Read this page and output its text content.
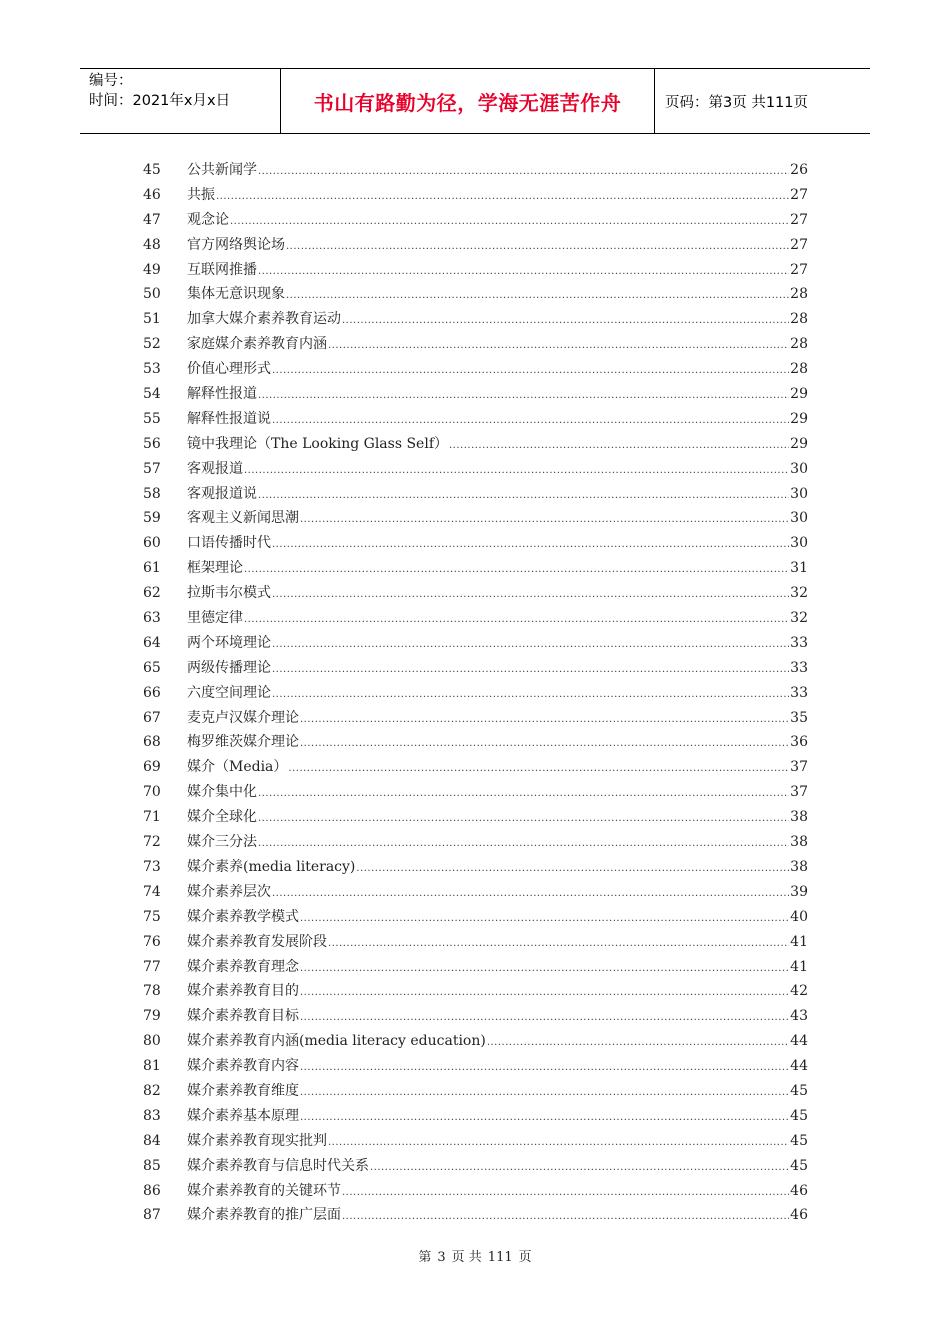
编号：
时间：2021年x月x日	书山有路勤为径，学海无涯苦作舟	页码：第3页 共111页
45	公共新闻学 .....	26
46	共振 .....	27
47	观念论 .....	27
48	官方网络舆论场 .....	27
49	互联网推播 .....	27
50	集体无意识现象 .....	28
51	加拿大媒介素养教育运动 .....	28
52	家庭媒介素养教育内涵 .....	28
53	价值心理形式 .....	28
54	解释性报道 .....	29
55	解释性报道说 .....	29
56	镜中我理论（The Looking Glass Self） .....	29
57	客观报道 .....	30
58	客观报道说 .....	30
59	客观主义新闻思潮 .....	30
60	口语传播时代 .....	30
61	框架理论 .....	31
62	拉斯韦尔模式 .....	32
63	里德定律 .....	32
64	两个环境理论 .....	33
65	两级传播理论 .....	33
66	六度空间理论 .....	33
67	麦克卢汉媒介理论 .....	35
68	梅罗维茨媒介理论 .....	36
69	媒介（Media） .....	37
70	媒介集中化 .....	37
71	媒介全球化 .....	38
72	媒介三分法 .....	38
73	媒介素养(media literacy) .....	38
74	媒介素养层次 .....	39
75	媒介素养教学模式 .....	40
76	媒介素养教育发展阶段 .....	41
77	媒介素养教育理念 .....	41
78	媒介素养教育目的 .....	42
79	媒介素养教育目标 .....	43
80	媒介素养教育内涵(media literacy education) .....	44
81	媒介素养教育内容 .....	44
82	媒介素养教育维度 .....	45
83	媒介素养基本原理 .....	45
84	媒介素养教育现实批判 .....	45
85	媒介素养教育与信息时代关系 .....	45
86	媒介素养教育的关键环节 .....	46
87	媒介素养教育的推广层面 .....	46
第 3 页 共 111 页
